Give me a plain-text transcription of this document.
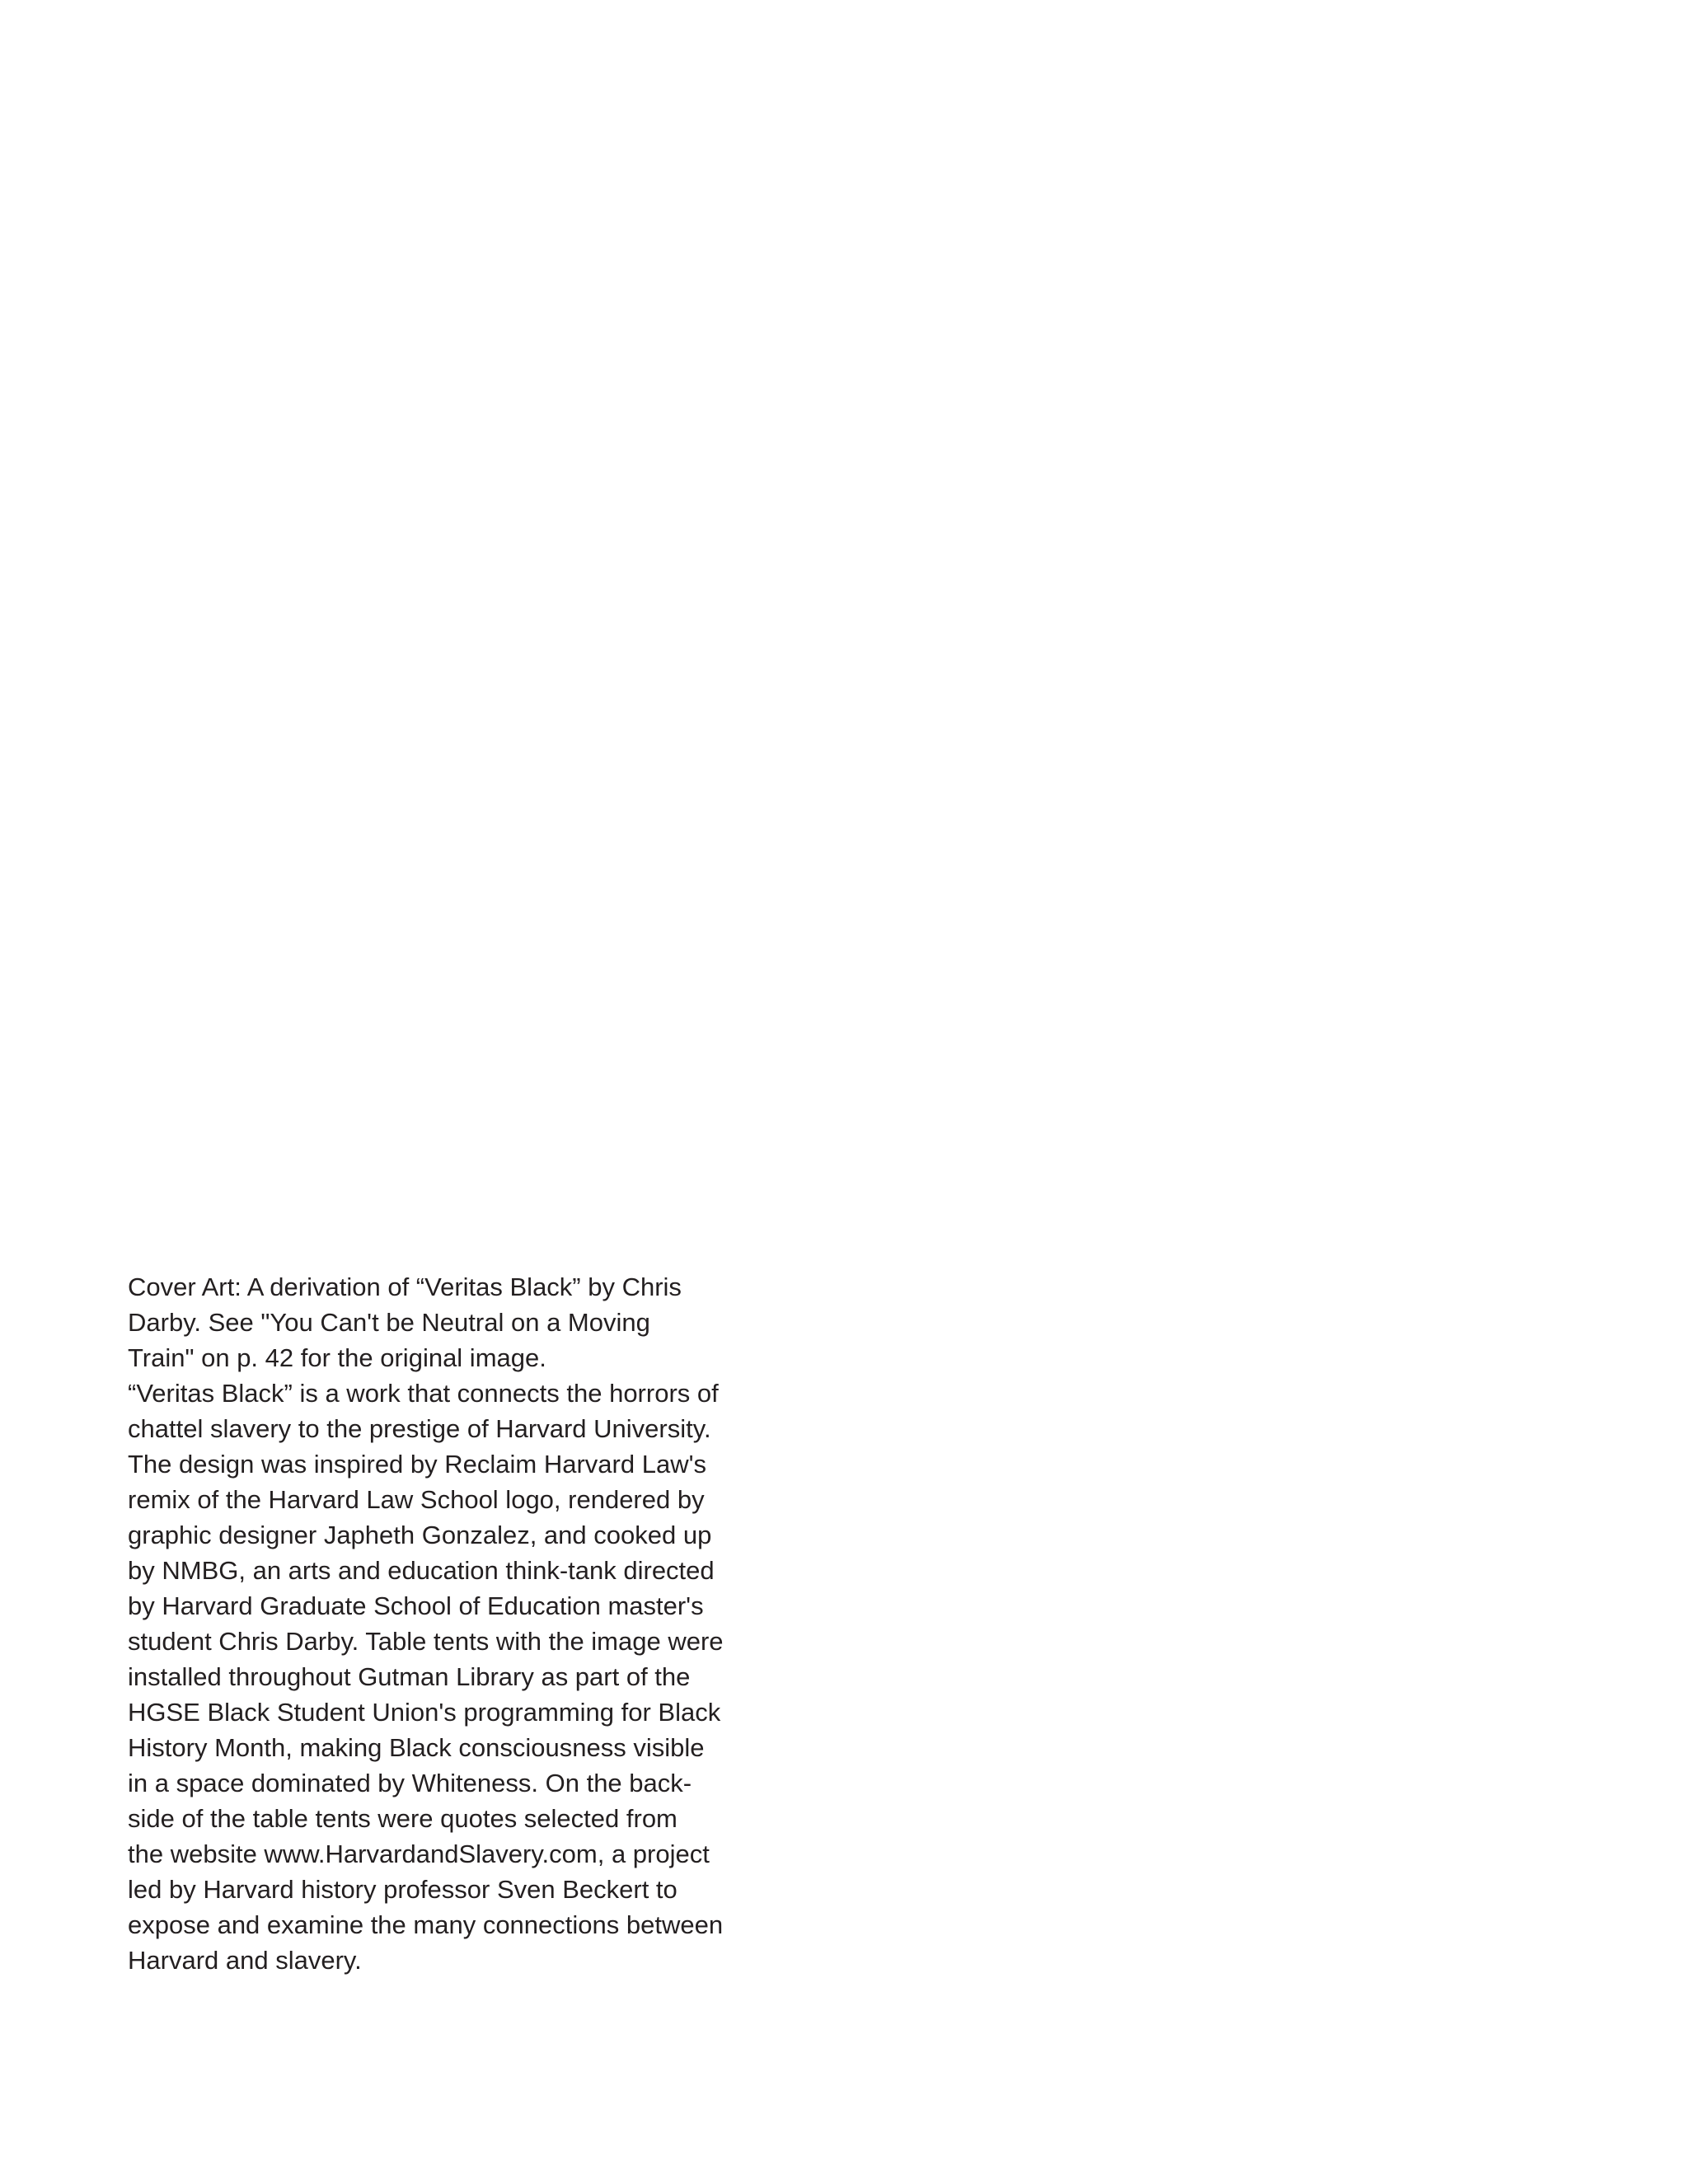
Cover Art: A derivation of “Veritas Black” by Chris
Darby. See "You Can't be Neutral on a Moving
Train" on p. 42 for the original image.
“Veritas Black” is a work that connects the horrors of
chattel slavery to the prestige of Harvard University.
The design was inspired by Reclaim Harvard Law's
remix of the Harvard Law School logo, rendered by
graphic designer Japheth Gonzalez, and cooked up
by NMBG, an arts and education think-tank directed
by Harvard Graduate School of Education master's
student Chris Darby. Table tents with the image were
installed throughout Gutman Library as part of the
HGSE Black Student Union's programming for Black
History Month, making Black consciousness visible
in a space dominated by Whiteness. On the back-
side of the table tents were quotes selected from
the website www.HarvardandSlavery.com, a project
led by Harvard history professor Sven Beckert to
expose and examine the many connections between
Harvard and slavery.
